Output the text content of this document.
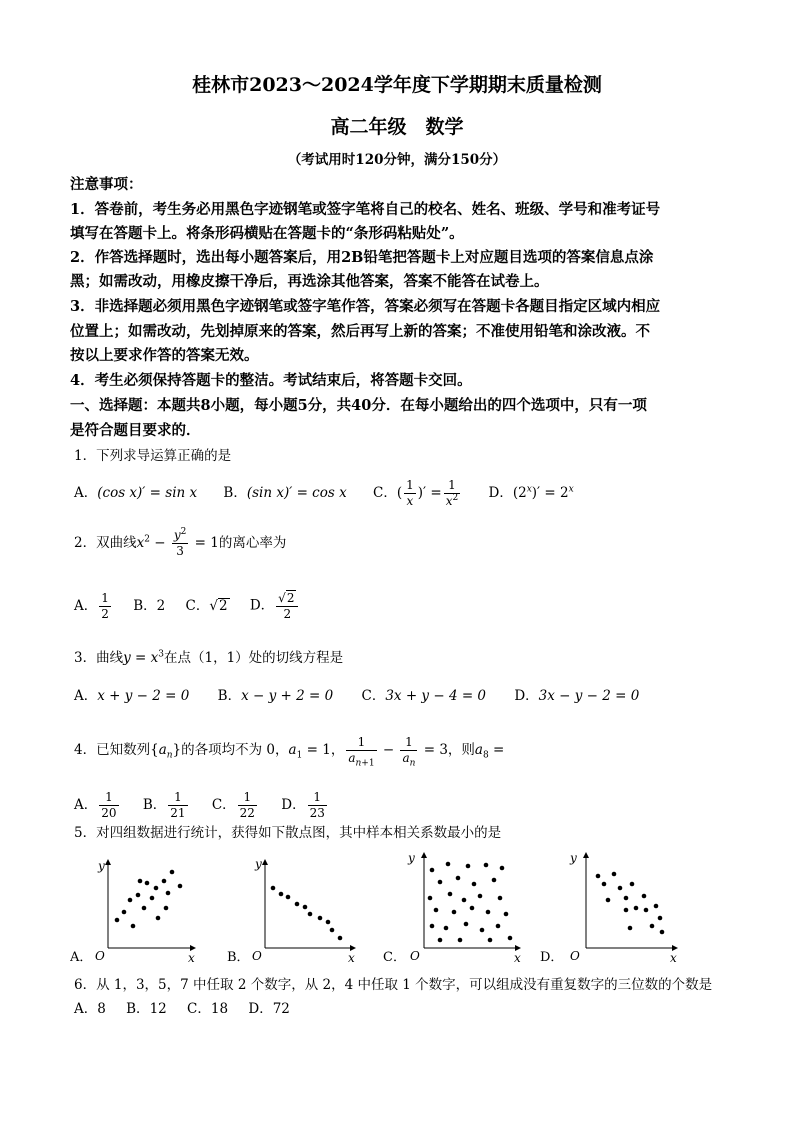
桂林市2023～2024学年度下学期期末质量检测
高二年级　数学
（考试用时120分钟，满分150分）
注意事项：
1．答卷前，考生务必用黑色字迹钢笔或签字笔将自己的校名、姓名、班级、学号和准考证号
填写在答题卡上。将条形码横贴在答题卡的“条形码粘贴处”。
2．作答选择题时，选出每小题答案后，用2B铅笔把答题卡上对应题目选项的答案信息点涂
黑；如需改动，用橡皮擦干净后，再选涂其他答案，答案不能答在试卷上。
3．非选择题必须用黑色字迹钢笔或签字笔作答，答案必须写在答题卡各题目指定区域内相应
位置上；如需改动，先划掉原来的答案，然后再写上新的答案；不准使用铅笔和涂改液。不
按以上要求作答的答案无效。
4．考生必须保持答题卡的整洁。考试结束后，将答题卡交回。
一、选择题：本题共8小题，每小题5分，共40分．在每小题给出的四个选项中，只有一项
是符合题目要求的．
1．下列求导运算正确的是
A．(cos x)′ = sin x B．(sin x)′ = cos x C．( $\frac{1}{x}$ )′ = $\frac{1}{x^2}$ D．$(2^x)' = 2^x$
2．双曲线$x^2 - \frac{y^2}{3} = 1$的离心率为
A． $\frac{1}{2}$ B．2 C．√2 D． $\frac{√2}{2}$
3．曲线$y = x^3$在点（1，1）处的切线方程是
A．x + y − 2 = 0 B．x − y + 2 = 0 C．3x + y − 4 = 0 D．3x − y − 2 = 0
4．已知数列$\{a_n\}$的各项均不为 0，$a_1 = 1$， $\frac{1}{a_{n+1}} - \frac{1}{a_n} = 3$，则$a_8$ =
A． $\frac{1}{20}$ B． $\frac{1}{21}$ C． $\frac{1}{22}$ D． $\frac{1}{23}$
5．对四组数据进行统计，获得如下散点图，其中样本相关系数最小的是
y
x
O
A．
y
x
O
B．
y
x
O
C．
y
x
O
D．
6．从 1，3，5，7 中任取 2 个数字，从 2，4 中任取 1 个数字，可以组成没有重复数字的三位数的个数是
A．8 B．12 C．18 D．72
